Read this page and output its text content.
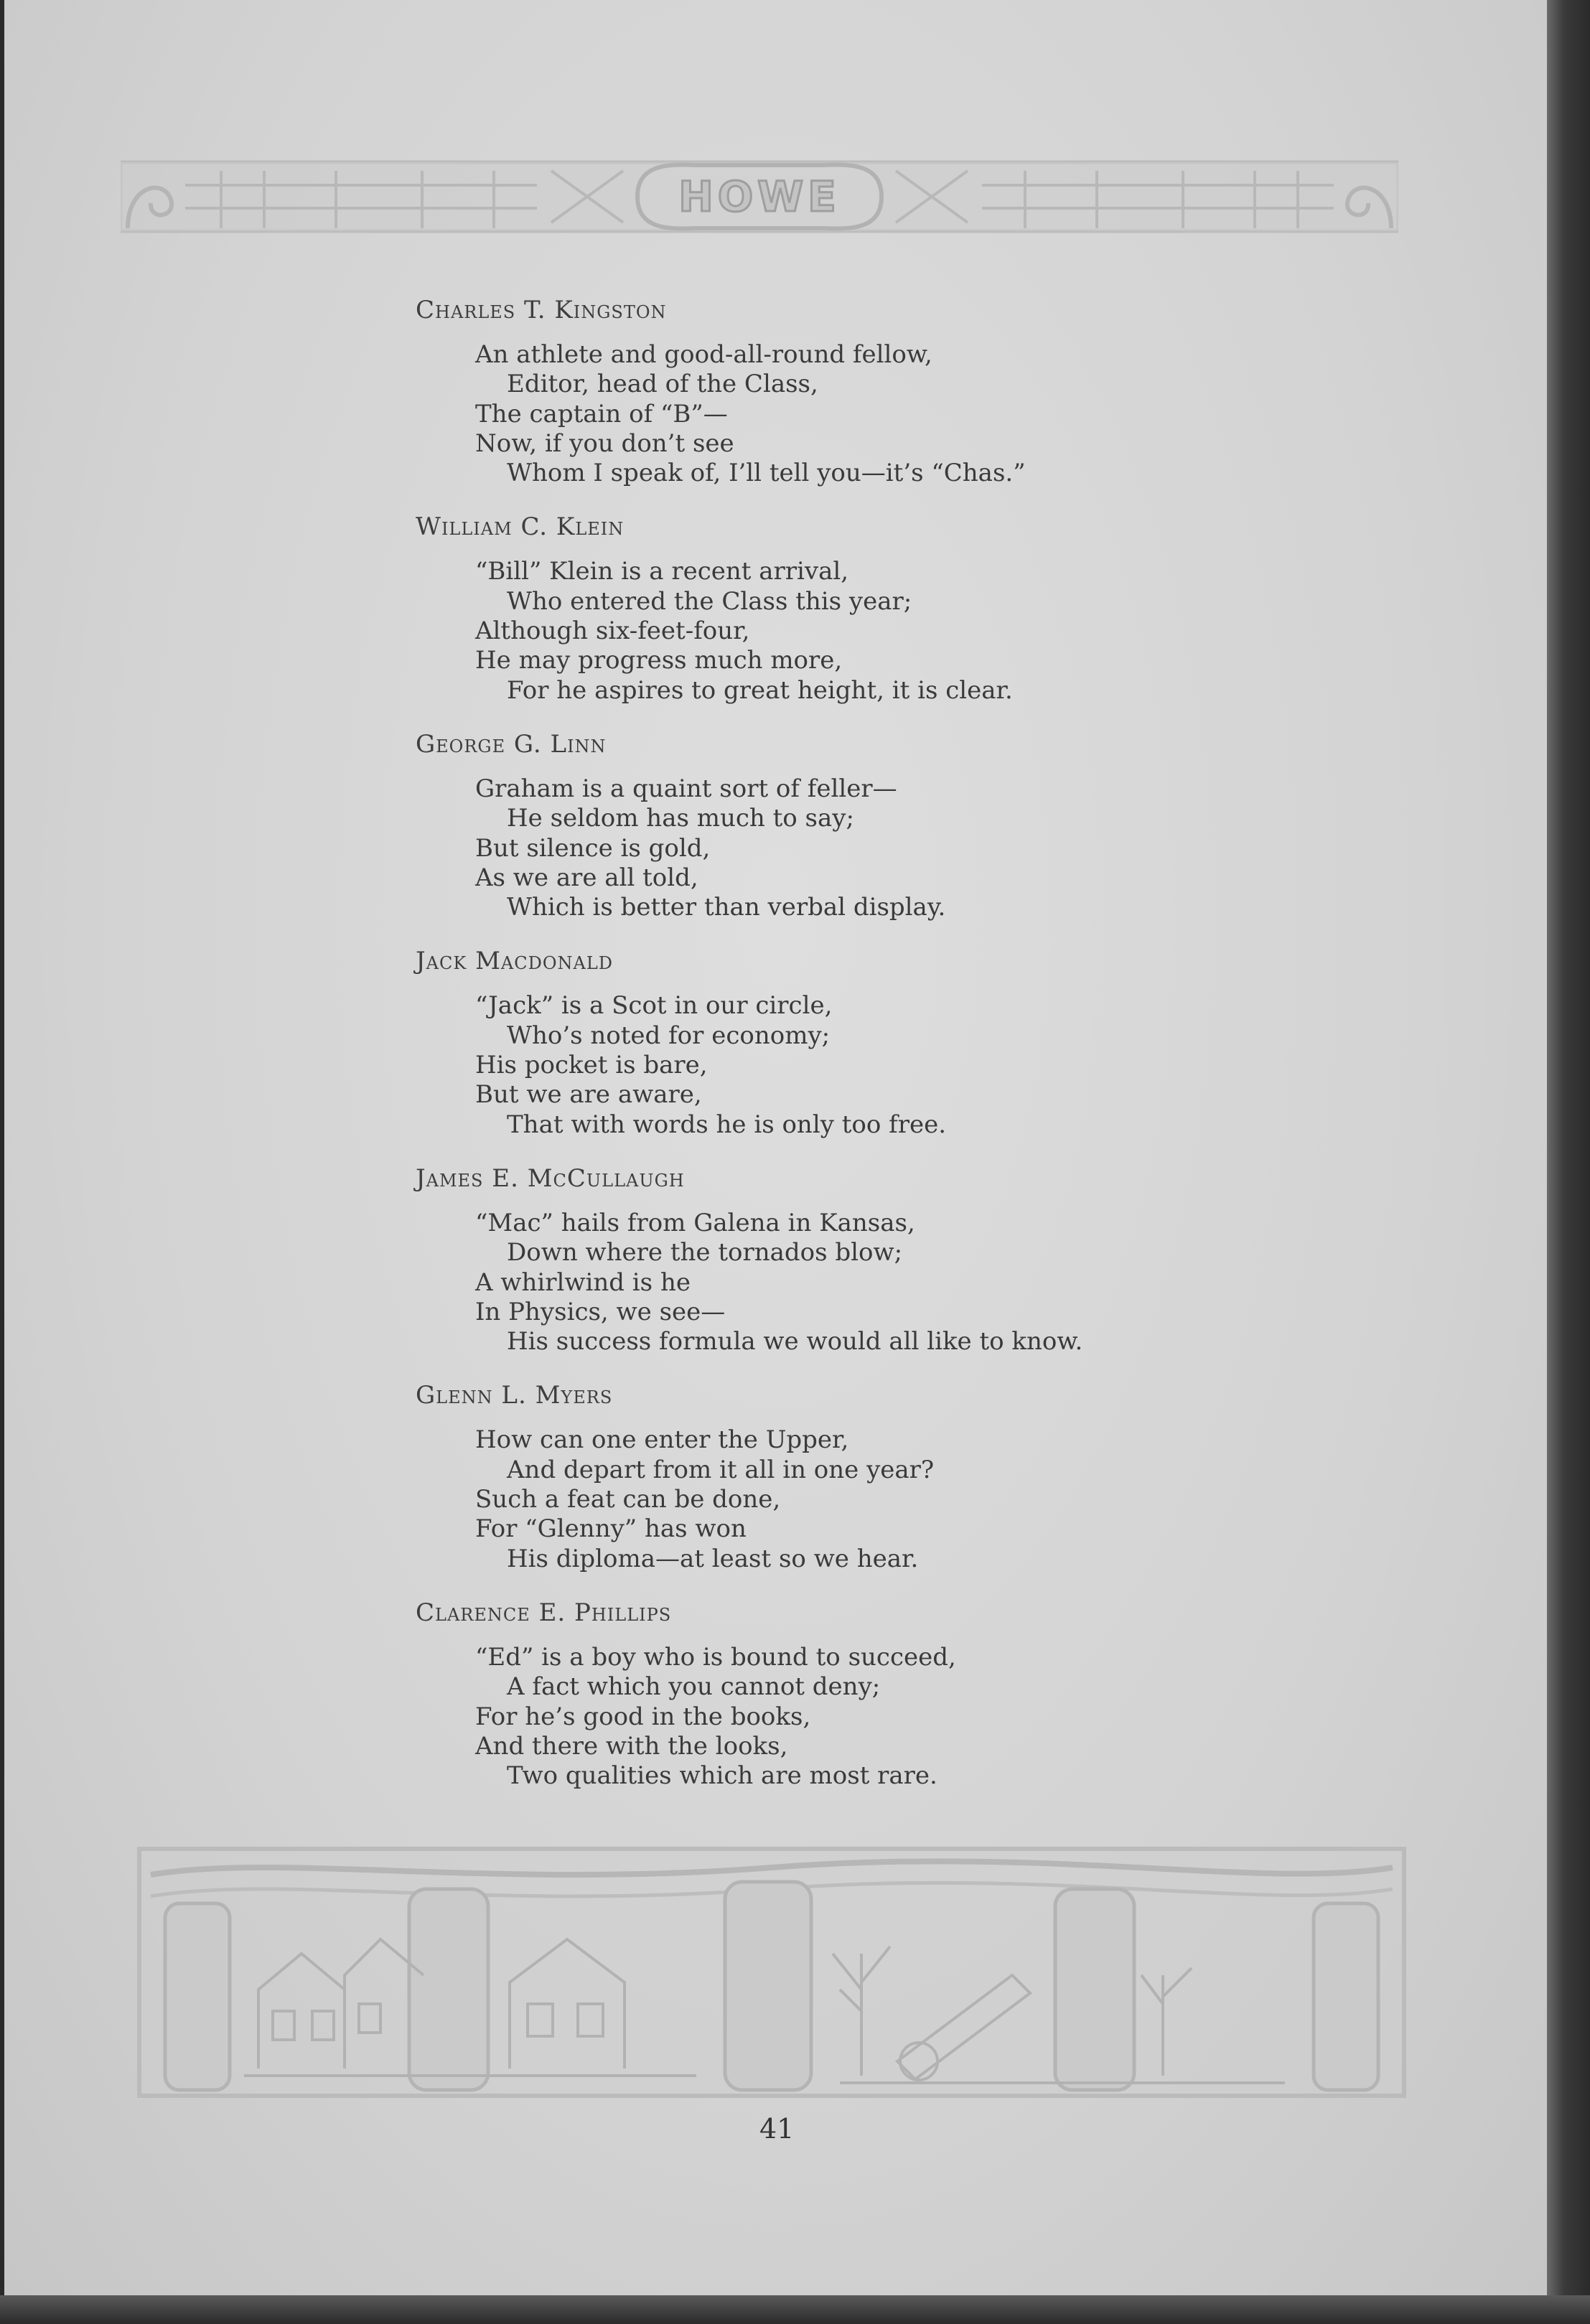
HOWE
Charles T. Kingston
An athlete and good-all-round fellow,
Editor, head of the Class,
The captain of “B”—
Now, if you don’t see
Whom I speak of, I’ll tell you—it’s “Chas.”
William C. Klein
“Bill” Klein is a recent arrival,
Who entered the Class this year;
Although six-feet-four,
He may progress much more,
For he aspires to great height, it is clear.
George G. Linn
Graham is a quaint sort of feller—
He seldom has much to say;
But silence is gold,
As we are all told,
Which is better than verbal display.
Jack Macdonald
“Jack” is a Scot in our circle,
Who’s noted for economy;
His pocket is bare,
But we are aware,
That with words he is only too free.
James E. McCullaugh
“Mac” hails from Galena in Kansas,
Down where the tornados blow;
A whirlwind is he
In Physics, we see—
His success formula we would all like to know.
Glenn L. Myers
How can one enter the Upper,
And depart from it all in one year?
Such a feat can be done,
For “Glenny” has won
His diploma—at least so we hear.
Clarence E. Phillips
“Ed” is a boy who is bound to succeed,
A fact which you cannot deny;
For he’s good in the books,
And there with the looks,
Two qualities which are most rare.
41
